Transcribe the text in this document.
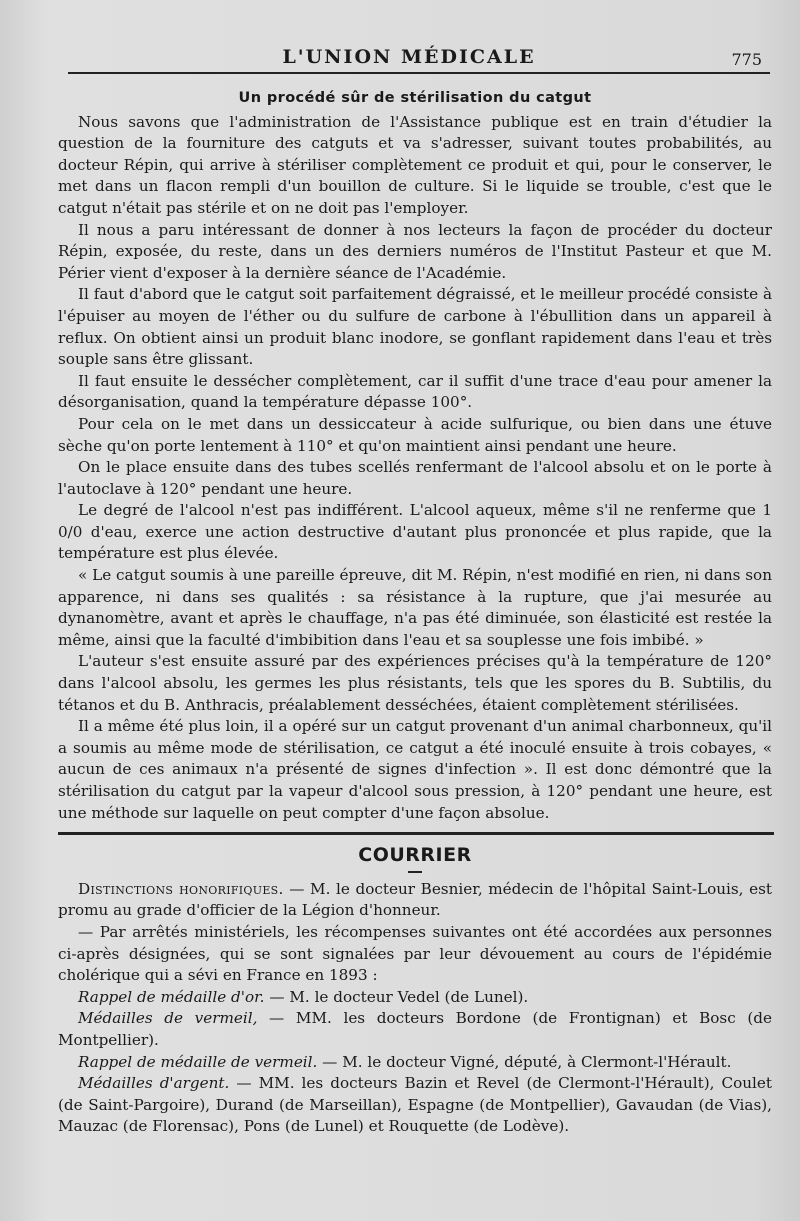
L'UNION MÉDICALE	775
Un procédé sûr de stérilisation du catgut

Nous savons que l'administration de l'Assistance publique est en train d'étudier la question de la fourniture des catguts et va s'adresser, suivant toutes probabilités, au docteur Répin, qui arrive à stériliser complètement ce produit et qui, pour le conserver, le met dans un flacon rempli d'un bouillon de culture. Si le liquide se trouble, c'est que le catgut n'était pas stérile et on ne doit pas l'employer.

Il nous a paru intéressant de donner à nos lecteurs la façon de procéder du docteur Répin, exposée, du reste, dans un des derniers numéros de l'Institut Pasteur et que M. Périer vient d'exposer à la dernière séance de l'Académie.

Il faut d'abord que le catgut soit parfaitement dégraissé, et le meilleur procédé consiste à l'épuiser au moyen de l'éther ou du sulfure de carbone à l'ébullition dans un appareil à reflux. On obtient ainsi un produit blanc inodore, se gonflant rapidement dans l'eau et très souple sans être glissant.

Il faut ensuite le dessécher complètement, car il suffit d'une trace d'eau pour amener la désorganisation, quand la température dépasse 100°.

Pour cela on le met dans un dessiccateur à acide sulfurique, ou bien dans une étuve sèche qu'on porte lentement à 110° et qu'on maintient ainsi pendant une heure.

On le place ensuite dans des tubes scellés renfermant de l'alcool absolu et on le porte à l'autoclave à 120° pendant une heure.

Le degré de l'alcool n'est pas indifférent. L'alcool aqueux, même s'il ne renferme que 1 0/0 d'eau, exerce une action destructive d'autant plus prononcée et plus rapide, que la température est plus élevée.

« Le catgut soumis à une pareille épreuve, dit M. Répin, n'est modifié en rien, ni dans son apparence, ni dans ses qualités : sa résistance à la rupture, que j'ai mesurée au dynanomètre, avant et après le chauffage, n'a pas été diminuée, son élasticité est restée la même, ainsi que la faculté d'imbibition dans l'eau et sa souplesse une fois imbibé. »

L'auteur s'est ensuite assuré par des expériences précises qu'à la température de 120° dans l'alcool absolu, les germes les plus résistants, tels que les spores du B. Subtilis, du tétanos et du B. Anthracis, préalablement desséchées, étaient complètement stérilisées.

Il a même été plus loin, il a opéré sur un catgut provenant d'un animal charbonneux, qu'il a soumis au même mode de stérilisation, ce catgut a été inoculé ensuite à trois cobayes, « aucun de ces animaux n'a présenté de signes d'infection ». Il est donc démontré que la stérilisation du catgut par la vapeur d'alcool sous pression, à 120° pendant une heure, est une méthode sur laquelle on peut compter d'une façon absolue.

COURRIER

Distinctions honorifiques. — M. le docteur Besnier, médecin de l'hôpital Saint-Louis, est promu au grade d'officier de la Légion d'honneur.

— Par arrêtés ministériels, les récompenses suivantes ont été accordées aux personnes ci-après désignées, qui se sont signalées par leur dévouement au cours de l'épidémie cholérique qui a sévi en France en 1893 :

Rappel de médaille d'or. — M. le docteur Vedel (de Lunel).

Médailles de vermeil, — MM. les docteurs Bordone (de Frontignan) et Bosc (de Montpellier).

Rappel de médaille de vermeil. — M. le docteur Vigné, député, à Clermont-l'Hérault.

Médailles d'argent. — MM. les docteurs Bazin et Revel (de Clermont-l'Hérault), Coulet (de Saint-Pargoire), Durand (de Marseillan), Espagne (de Montpellier), Gavaudan (de Vias), Mauzac (de Florensac), Pons (de Lunel) et Rouquette (de Lodève).
